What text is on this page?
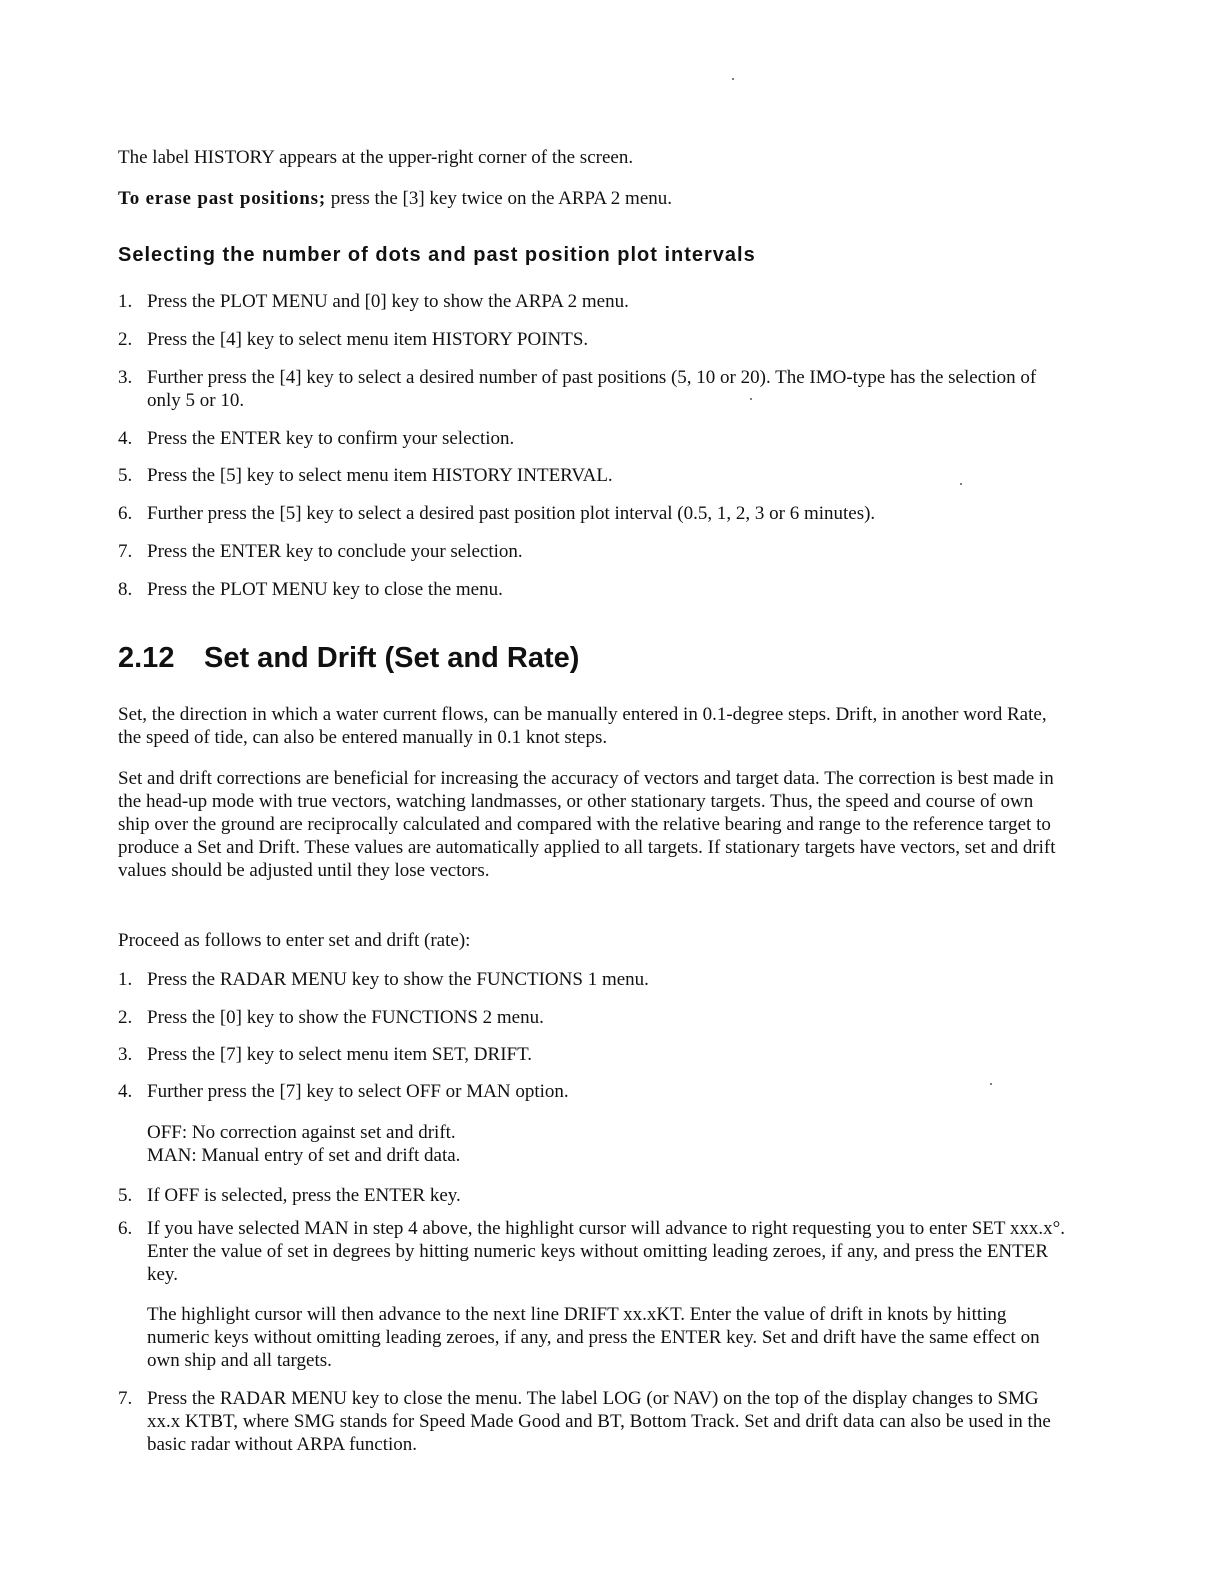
The label HISTORY appears at the upper-right corner of the screen.
To erase past positions; press the [3] key twice on the ARPA 2 menu.
Selecting the number of dots and past position plot intervals
1. Press the PLOT MENU and [0] key to show the ARPA 2 menu.
2. Press the [4] key to select menu item HISTORY POINTS.
3. Further press the [4] key to select a desired number of past positions (5, 10 or 20). The IMO-type has the selection of only 5 or 10.
4. Press the ENTER key to confirm your selection.
5. Press the [5] key to select menu item HISTORY INTERVAL.
6. Further press the [5] key to select a desired past position plot interval (0.5, 1, 2, 3 or 6 minutes).
7. Press the ENTER key to conclude your selection.
8. Press the PLOT MENU key to close the menu.
2.12 Set and Drift (Set and Rate)
Set, the direction in which a water current flows, can be manually entered in 0.1-degree steps. Drift, in another word Rate, the speed of tide, can also be entered manually in 0.1 knot steps.
Set and drift corrections are beneficial for increasing the accuracy of vectors and target data. The correction is best made in the head-up mode with true vectors, watching landmasses, or other stationary targets. Thus, the speed and course of own ship over the ground are reciprocally calculated and compared with the relative bearing and range to the reference target to produce a Set and Drift. These values are automatically applied to all targets. If stationary targets have vectors, set and drift values should be adjusted until they lose vectors.
Proceed as follows to enter set and drift (rate):
1. Press the RADAR MENU key to show the FUNCTIONS 1 menu.
2. Press the [0] key to show the FUNCTIONS 2 menu.
3. Press the [7] key to select menu item SET, DRIFT.
4. Further press the [7] key to select OFF or MAN option.
OFF: No correction against set and drift.
MAN: Manual entry of set and drift data.
5. If OFF is selected, press the ENTER key.
6. If you have selected MAN in step 4 above, the highlight cursor will advance to right requesting you to enter SET xxx.x°. Enter the value of set in degrees by hitting numeric keys without omitting leading zeroes, if any, and press the ENTER key.
The highlight cursor will then advance to the next line DRIFT xx.xKT. Enter the value of drift in knots by hitting numeric keys without omitting leading zeroes, if any, and press the ENTER key. Set and drift have the same effect on own ship and all targets.
7. Press the RADAR MENU key to close the menu. The label LOG (or NAV) on the top of the display changes to SMG xx.x KTBT, where SMG stands for Speed Made Good and BT, Bottom Track. Set and drift data can also be used in the basic radar without ARPA function.
